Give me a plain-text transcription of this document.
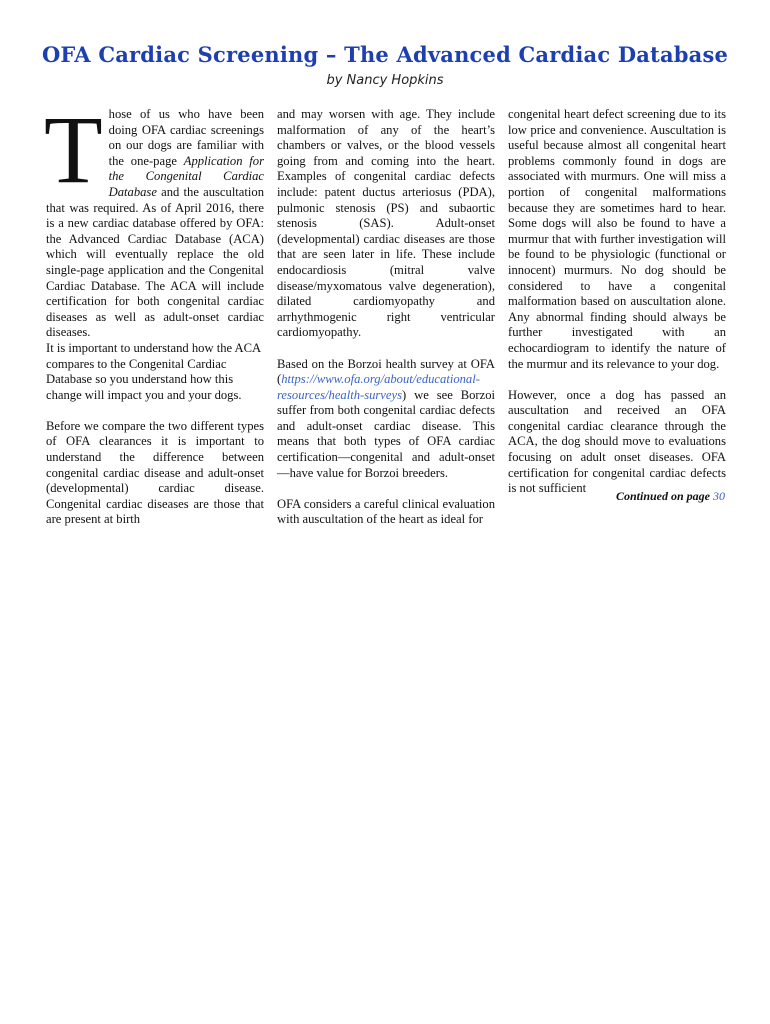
OFA Cardiac Screening – The Advanced Cardiac Database
by Nancy Hopkins

Those of us who have been doing OFA cardiac screenings on our dogs are familiar with the one-page Application for the Congenital Cardiac Database and the auscultation that was required. As of April 2016, there is a new cardiac database offered by OFA: the Advanced Cardiac Database (ACA) which will eventually replace the old single-page application and the Congenital Cardiac Database. The ACA will include certification for both congenital cardiac diseases as well as adult-onset cardiac diseases.

It is important to understand how the ACA compares to the Congenital Cardiac Database so you understand how this change will impact you and your dogs.

Before we compare the two different types of OFA clearances it is important to understand the difference between congenital cardiac disease and adult-onset (developmental) cardiac disease. Congenital cardiac diseases are those that are present at birth

and may worsen with age. They include malformation of any of the heart’s chambers or valves, or the blood vessels going from and coming into the heart. Examples of congenital cardiac defects include: patent ductus arteriosus (PDA), pulmonic stenosis (PS) and subaortic stenosis (SAS). Adult-onset (developmental) cardiac diseases are those that are seen later in life. These include endocardiosis (mitral valve disease/myxomatous valve degeneration), dilated cardiomyopathy and arrhythmogenic right ventricular cardiomyopathy.

Based on the Borzoi health survey at OFA (https://www.ofa.org/about/educational-resources/health-surveys) we see Borzoi suffer from both congenital cardiac defects and adult-onset cardiac disease. This means that both types of OFA cardiac certification—congenital and adult-onset—have value for Borzoi breeders.

OFA considers a careful clinical evaluation with auscultation of the heart as ideal for

congenital heart defect screening due to its low price and convenience. Auscultation is useful because almost all congenital heart problems commonly found in dogs are associated with murmurs. One will miss a portion of congenital malformations because they are sometimes hard to hear. Some dogs will also be found to have a murmur that with further investigation will be found to be physiologic (functional or innocent) murmurs. No dog should be considered to have a congenital malformation based on auscultation alone. Any abnormal finding should always be further investigated with an echocardiogram to identify the nature of the murmur and its relevance to your dog.

However, once a dog has passed an auscultation and received an OFA congenital cardiac clearance through the ACA, the dog should move to evaluations focusing on adult onset diseases. OFA certification for congenital cardiac defects is not sufficient

Continued on page 30
